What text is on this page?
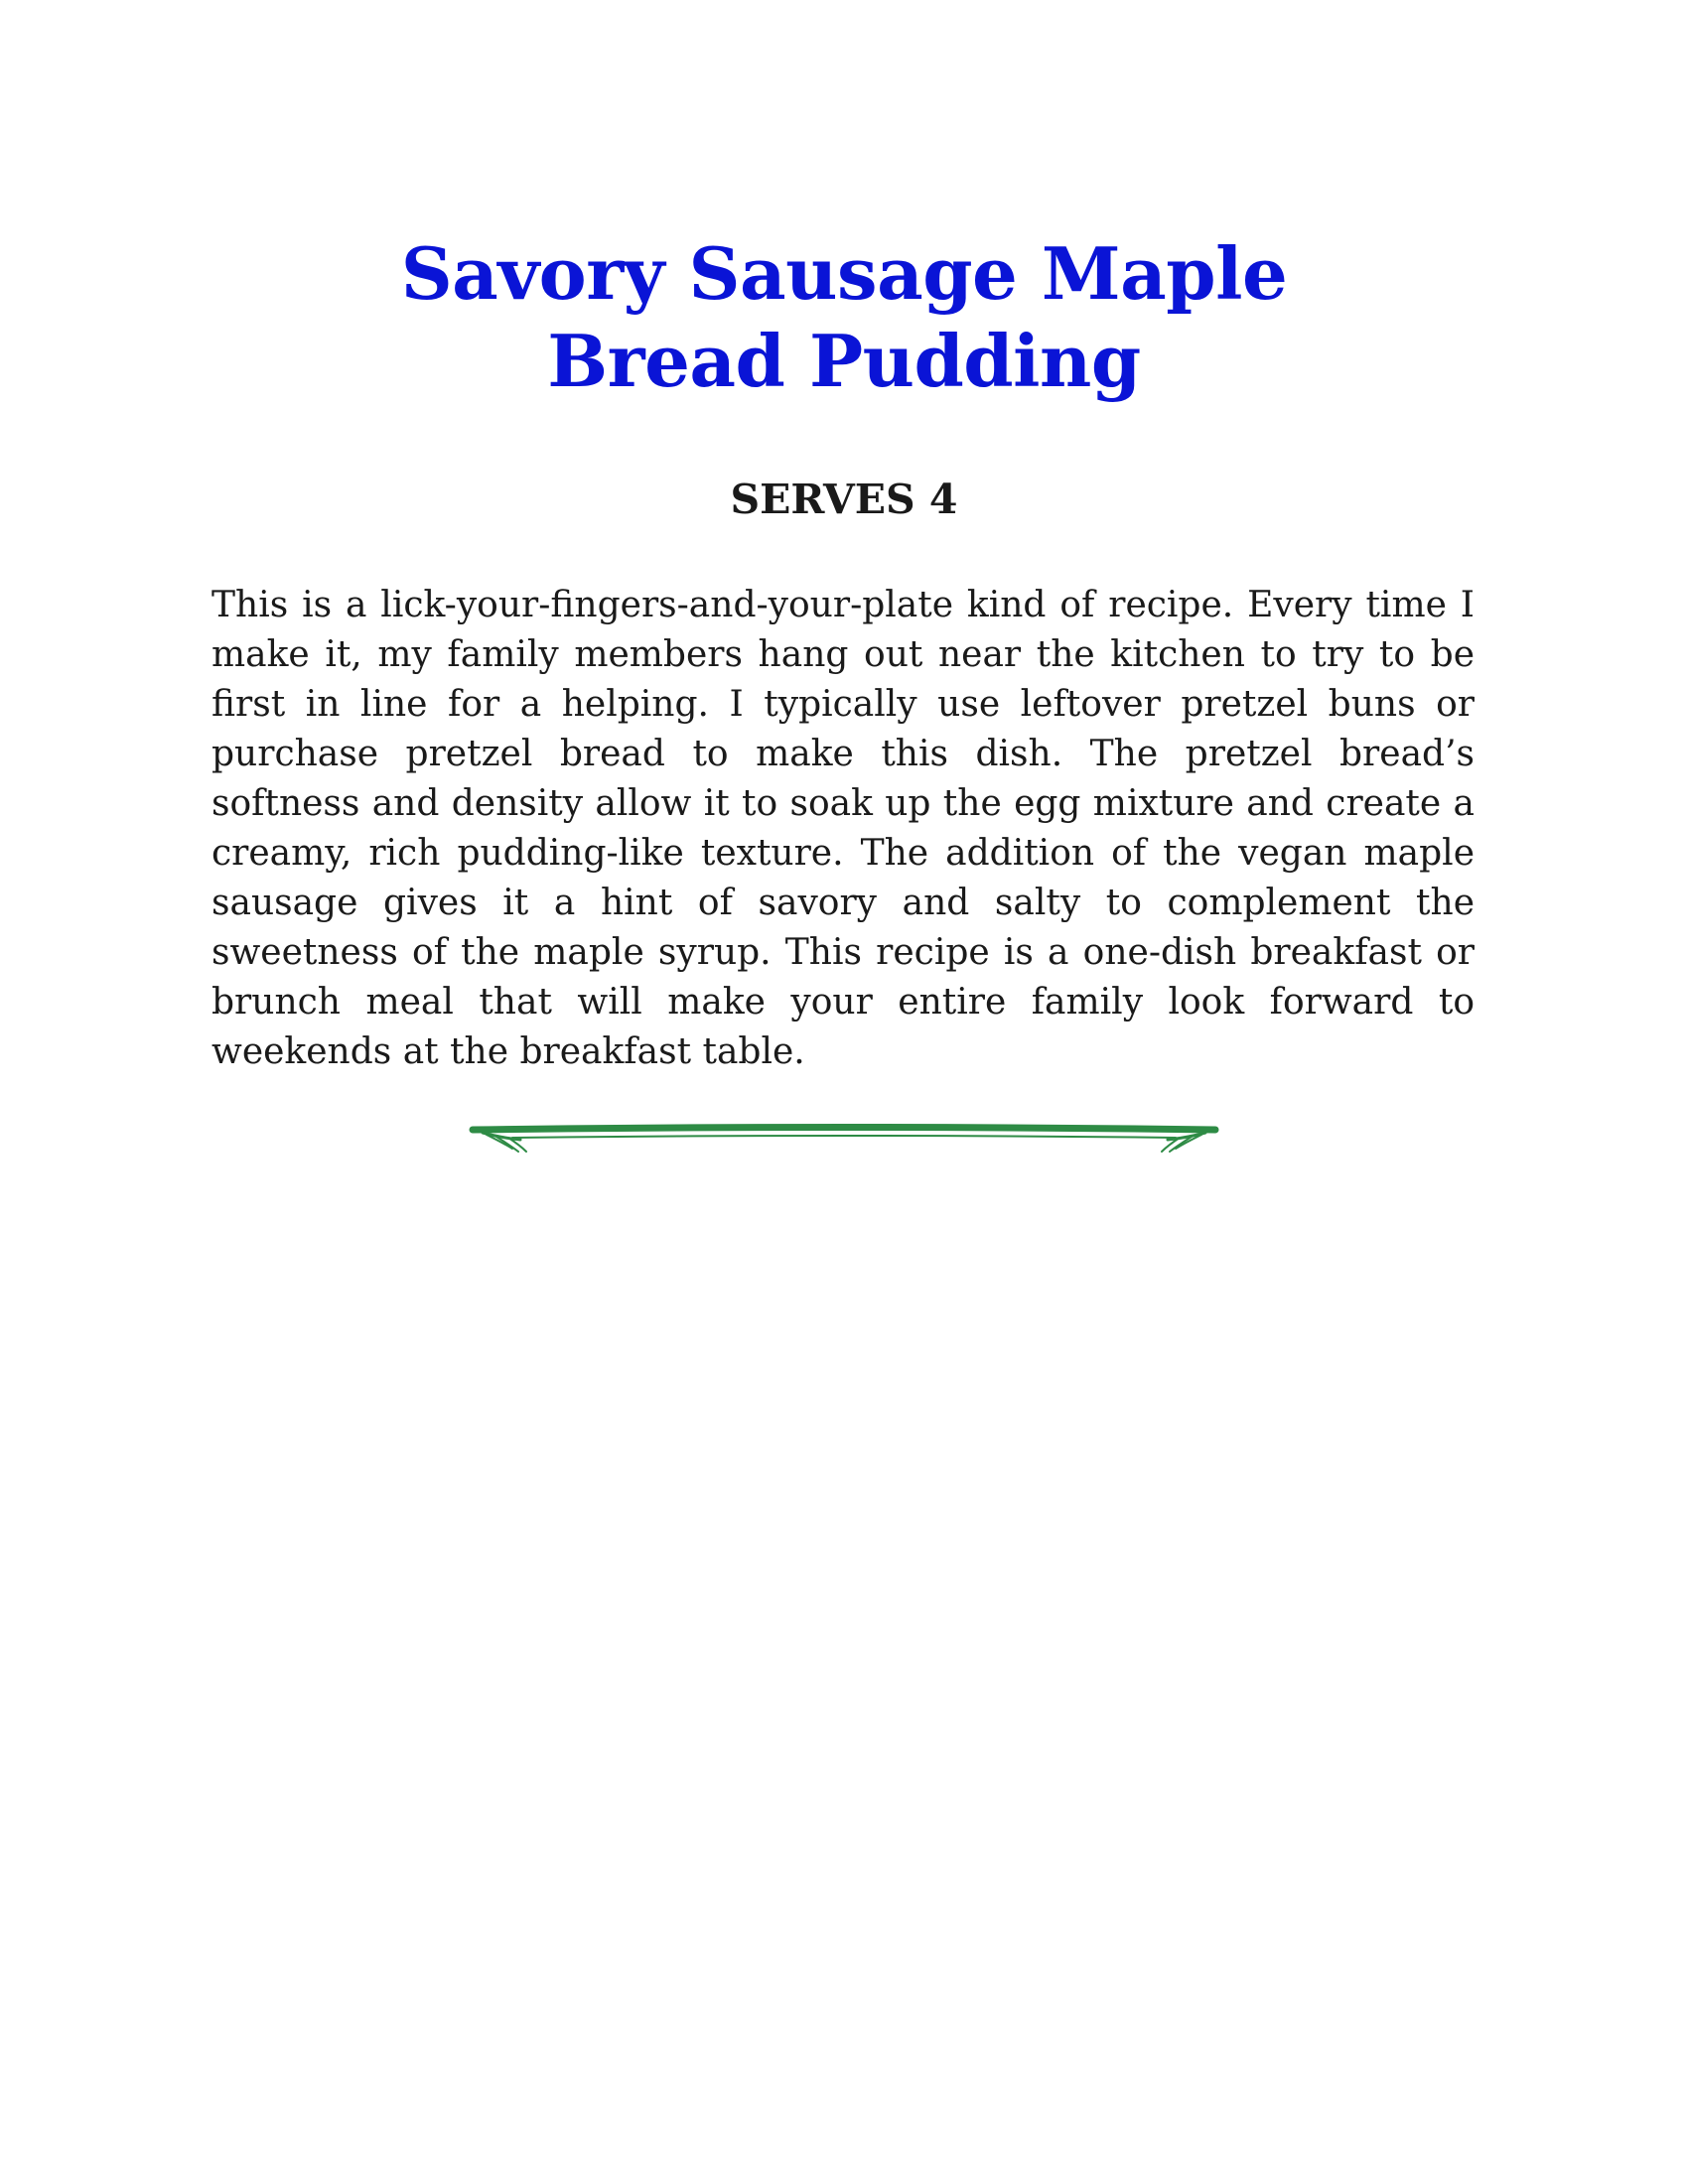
Savory Sausage Maple
Bread Pudding

SERVES 4

This is a lick-your-fingers-and-your-plate kind of recipe. Every time I make it, my family members hang out near the kitchen to try to be first in line for a helping. I typically use leftover pretzel buns or purchase pretzel bread to make this dish. The pretzel bread’s softness and density allow it to soak up the egg mixture and create a creamy, rich pudding-like texture. The addition of the vegan maple sausage gives it a hint of savory and salty to complement the sweetness of the maple syrup. This recipe is a one-dish breakfast or brunch meal that will make your entire family look forward to weekends at the breakfast table.
